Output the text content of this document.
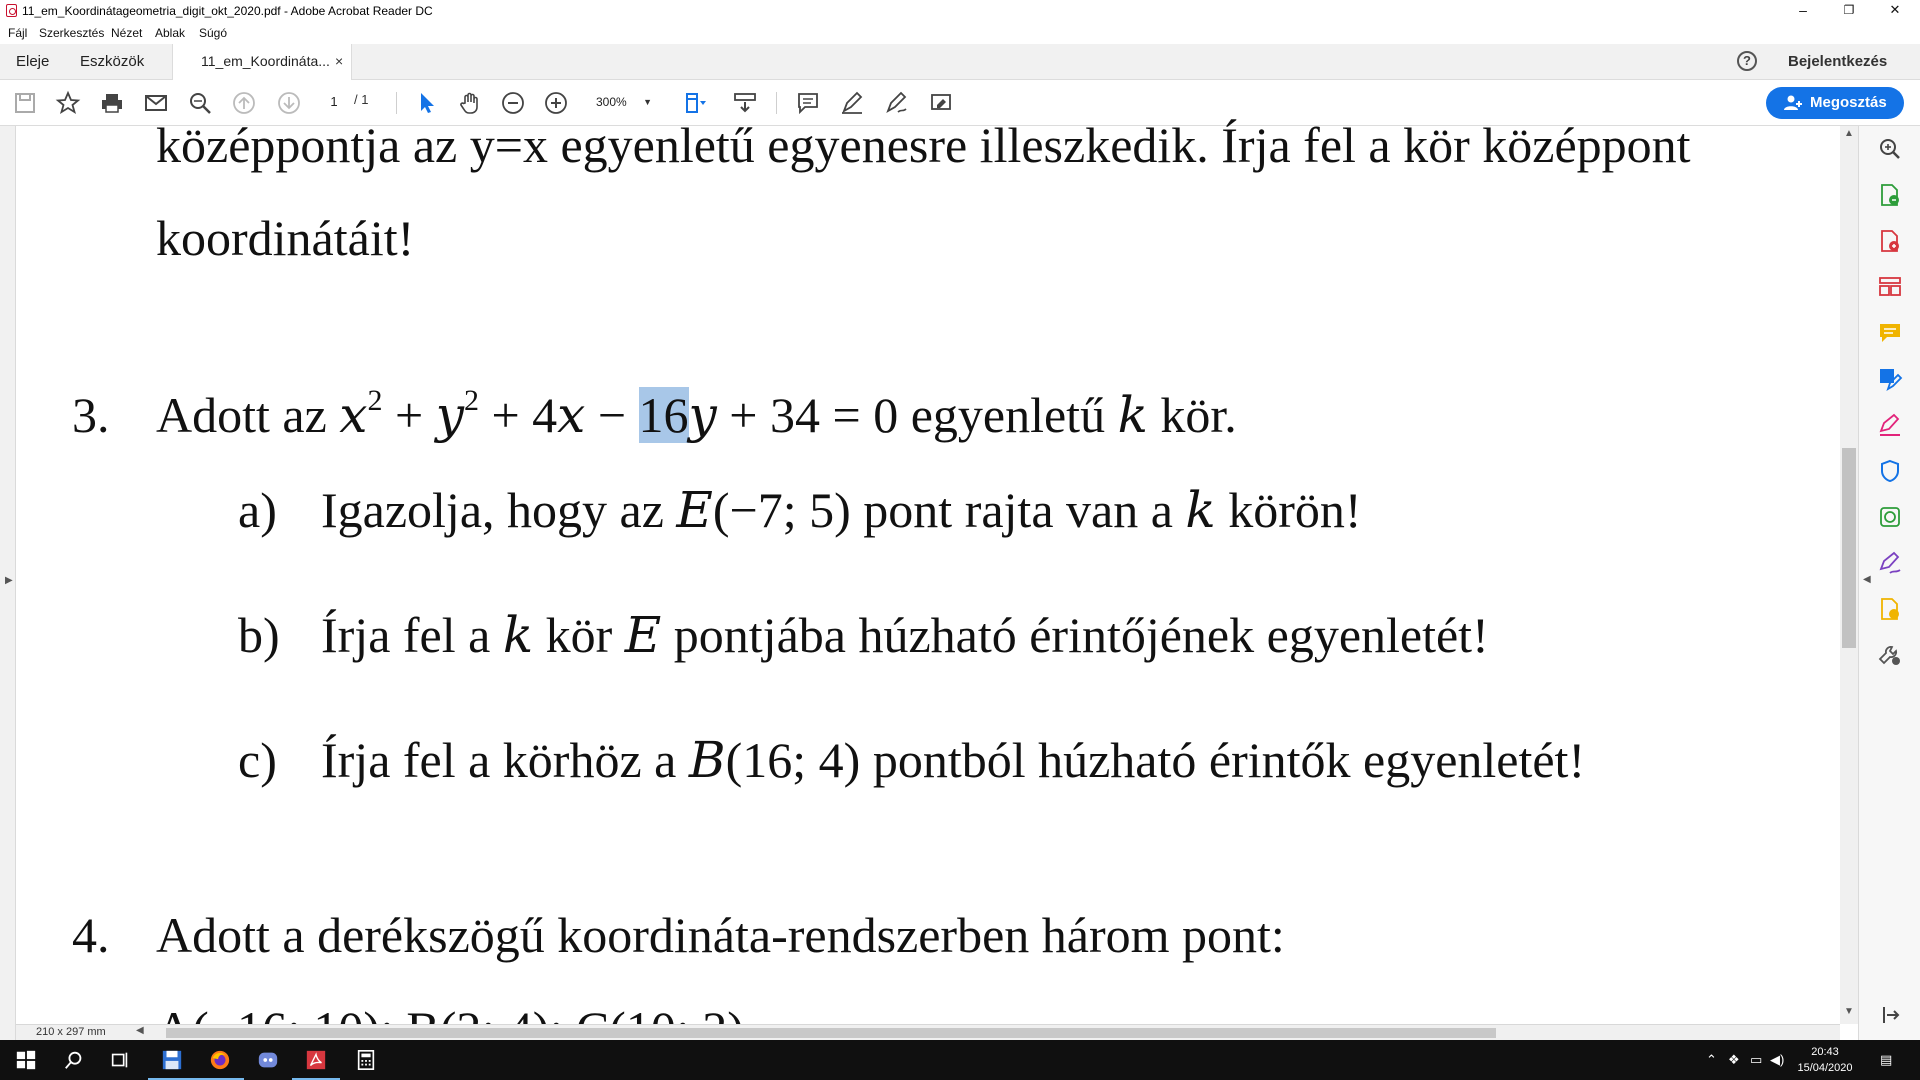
11_em_Koordinátageometria_digit_okt_2020.pdf - Adobe Acrobat Reader DC	–	❐	✕
Fájl Szerkesztés Nézet Ablak Súgó
Eleje Eszközök	11_em_Koordináta... ×	?	Bejelentkezés
1	/ 1	300% ▼	Megosztás
▶
középpontja az y=x egyenletű egyenesre illeszkedik. Írja fel a kör középpont
koordinátáit!
3. Adott az $x^2 + y^2 + 4x - 16y + 34 = 0$ egyenletű k kör.
a) Igazolja, hogy az E(−7; 5) pont rajta van a k körön!
b) Írja fel a k kör E pontjába húzható érintőjének egyenletét!
c) Írja fel a körhöz a B(16; 4) pontból húzható érintők egyenletét!
4. Adott a derékszögű koordináta-rendszerben három pont:
▲
▼
◀
210 x 297 mm	◀
⌃ ❖ ▭ ◀)	20:43
15/04/2020
▤
